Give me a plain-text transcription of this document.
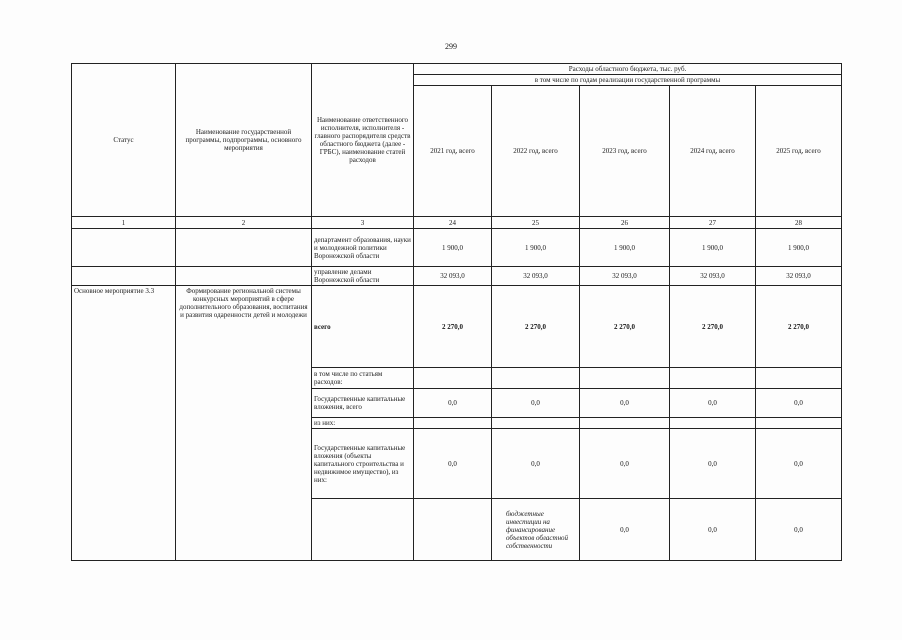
299
Статус	Наименование государственной программы, подпрограммы, основного мероприятия	Наименование ответственного исполнителя, исполнителя - главного распорядителя средств областного бюджета (далее - ГРБС), наименование статей расходов	Расходы областного бюджета, тыс. руб.					
			в том числе по годам реализации государственной программы					
			2021 год, всего	2022 год, всего	2023 год, всего	2024 год, всего	2025 год, всего	
1	2	3	24	25	26	27	28	
		департамент образования, науки и молодежной политики Воронежской области	1 900,0	1 900,0	1 900,0	1 900,0	1 900,0	
		управление делами Воронежской области	32 093,0	32 093,0	32 093,0	32 093,0	32 093,0	
Основное мероприятие 3.3	Формирование региональной системы конкурсных мероприятий в сфере дополнительного образования, воспитания и развития одаренности детей и молодежи	всего	2 270,0	2 270,0	2 270,0	2 270,0	2 270,0	
		в том числе по статьям расходов:						
		Государственные капитальные вложения, всего	0,0	0,0	0,0	0,0	0,0	
		из них:						
		Государственные капитальные вложения (объекты капитального строительства и недвижимое имущество), из них:	0,0	0,0	0,0	0,0	0,0	
				бюджетные инвестиции на финансирование объектов областной собственности	0,0	0,0	0,0		
